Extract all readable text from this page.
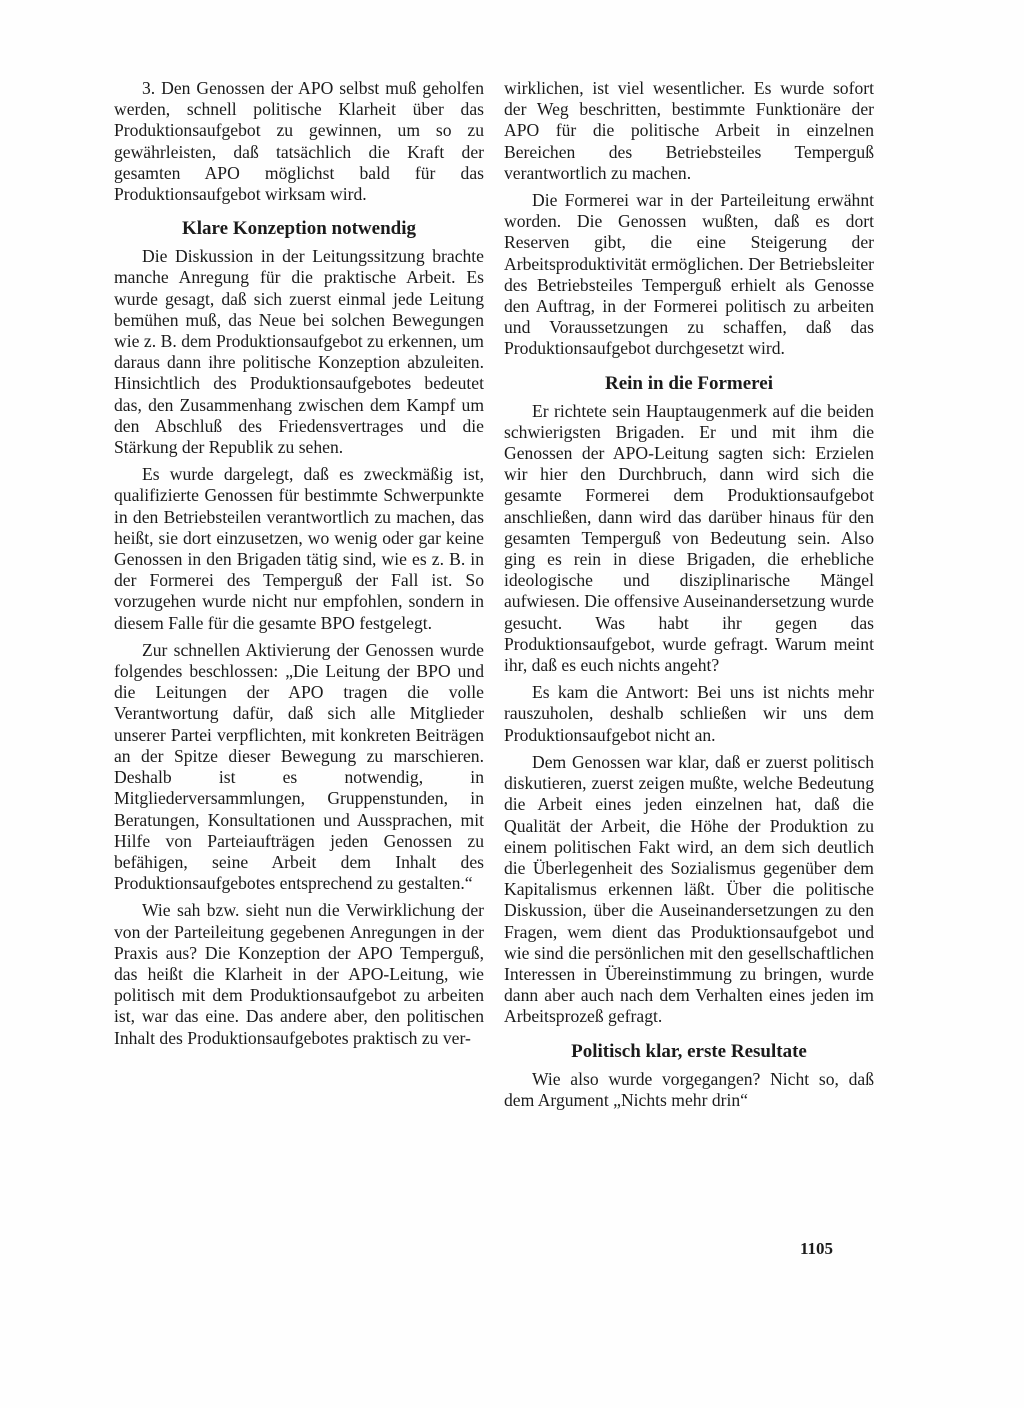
3. Den Genossen der APO selbst muß geholfen werden, schnell politische Klarheit über das Produktionsaufgebot zu gewinnen, um so zu gewährleisten, daß tatsächlich die Kraft der gesamten APO möglichst bald für das Produktionsaufgebot wirksam wird.

Klare Konzeption notwendig

Die Diskussion in der Leitungssitzung brachte manche Anregung für die praktische Arbeit. Es wurde gesagt, daß sich zuerst einmal jede Leitung bemühen muß, das Neue bei solchen Bewegungen wie z. B. dem Produktionsaufgebot zu erkennen, um daraus dann ihre politische Konzeption abzuleiten. Hinsichtlich des Produktionsaufgebotes bedeutet das, den Zusammenhang zwischen dem Kampf um den Abschluß des Friedensvertrages und die Stärkung der Republik zu sehen.

Es wurde dargelegt, daß es zweckmäßig ist, qualifizierte Genossen für bestimmte Schwerpunkte in den Betriebsteilen verantwortlich zu machen, das heißt, sie dort einzusetzen, wo wenig oder gar keine Genossen in den Brigaden tätig sind, wie es z. B. in der Formerei des Temperguß der Fall ist. So vorzugehen wurde nicht nur empfohlen, sondern in diesem Falle für die gesamte BPO festgelegt.

Zur schnellen Aktivierung der Genossen wurde folgendes beschlossen: „Die Leitung der BPO und die Leitungen der APO tragen die volle Verantwortung dafür, daß sich alle Mitglieder unserer Partei verpflichten, mit konkreten Beiträgen an der Spitze dieser Bewegung zu marschieren. Deshalb ist es notwendig, in Mitgliederversammlungen, Gruppenstunden, in Beratungen, Konsultationen und Aussprachen, mit Hilfe von Parteiaufträgen jeden Genossen zu befähigen, seine Arbeit dem Inhalt des Produktionsaufgebotes entsprechend zu gestalten.“

Wie sah bzw. sieht nun die Verwirklichung der von der Parteileitung gegebenen Anregungen in der Praxis aus? Die Konzeption der APO Temperguß, das heißt die Klarheit in der APO-Leitung, wie politisch mit dem Produktionsaufgebot zu arbeiten ist, war das eine. Das andere aber, den politischen Inhalt des Produktionsaufgebotes praktisch zu ver-

wirklichen, ist viel wesentlicher. Es wurde sofort der Weg beschritten, bestimmte Funktionäre der APO für die politische Arbeit in einzelnen Bereichen des Betriebsteiles Temperguß verantwortlich zu machen.

Die Formerei war in der Parteileitung erwähnt worden. Die Genossen wußten, daß es dort Reserven gibt, die eine Steigerung der Arbeitsproduktivität ermöglichen. Der Betriebsleiter des Betriebsteiles Temperguß erhielt als Genosse den Auftrag, in der Formerei politisch zu arbeiten und Voraussetzungen zu schaffen, daß das Produktionsaufgebot durchgesetzt wird.

Rein in die Formerei

Er richtete sein Hauptaugenmerk auf die beiden schwierigsten Brigaden. Er und mit ihm die Genossen der APO-Leitung sagten sich: Erzielen wir hier den Durchbruch, dann wird sich die gesamte Formerei dem Produktionsaufgebot anschließen, dann wird das darüber hinaus für den gesamten Temperguß von Bedeutung sein. Also ging es rein in diese Brigaden, die erhebliche ideologische und disziplinarische Mängel aufwiesen. Die offensive Auseinandersetzung wurde gesucht. Was habt ihr gegen das Produktionsaufgebot, wurde gefragt. Warum meint ihr, daß es euch nichts angeht?

Es kam die Antwort: Bei uns ist nichts mehr rauszuholen, deshalb schließen wir uns dem Produktionsaufgebot nicht an.

Dem Genossen war klar, daß er zuerst politisch diskutieren, zuerst zeigen mußte, welche Bedeutung die Arbeit eines jeden einzelnen hat, daß die Qualität der Arbeit, die Höhe der Produktion zu einem politischen Fakt wird, an dem sich deutlich die Überlegenheit des Sozialismus gegenüber dem Kapitalismus erkennen läßt. Über die politische Diskussion, über die Auseinandersetzungen zu den Fragen, wem dient das Produktionsaufgebot und wie sind die persönlichen mit den gesellschaftlichen Interessen in Übereinstimmung zu bringen, wurde dann aber auch nach dem Verhalten eines jeden im Arbeitsprozeß gefragt.

Politisch klar, erste Resultate

Wie also wurde vorgegangen? Nicht so, daß dem Argument „Nichts mehr drin“

1105
